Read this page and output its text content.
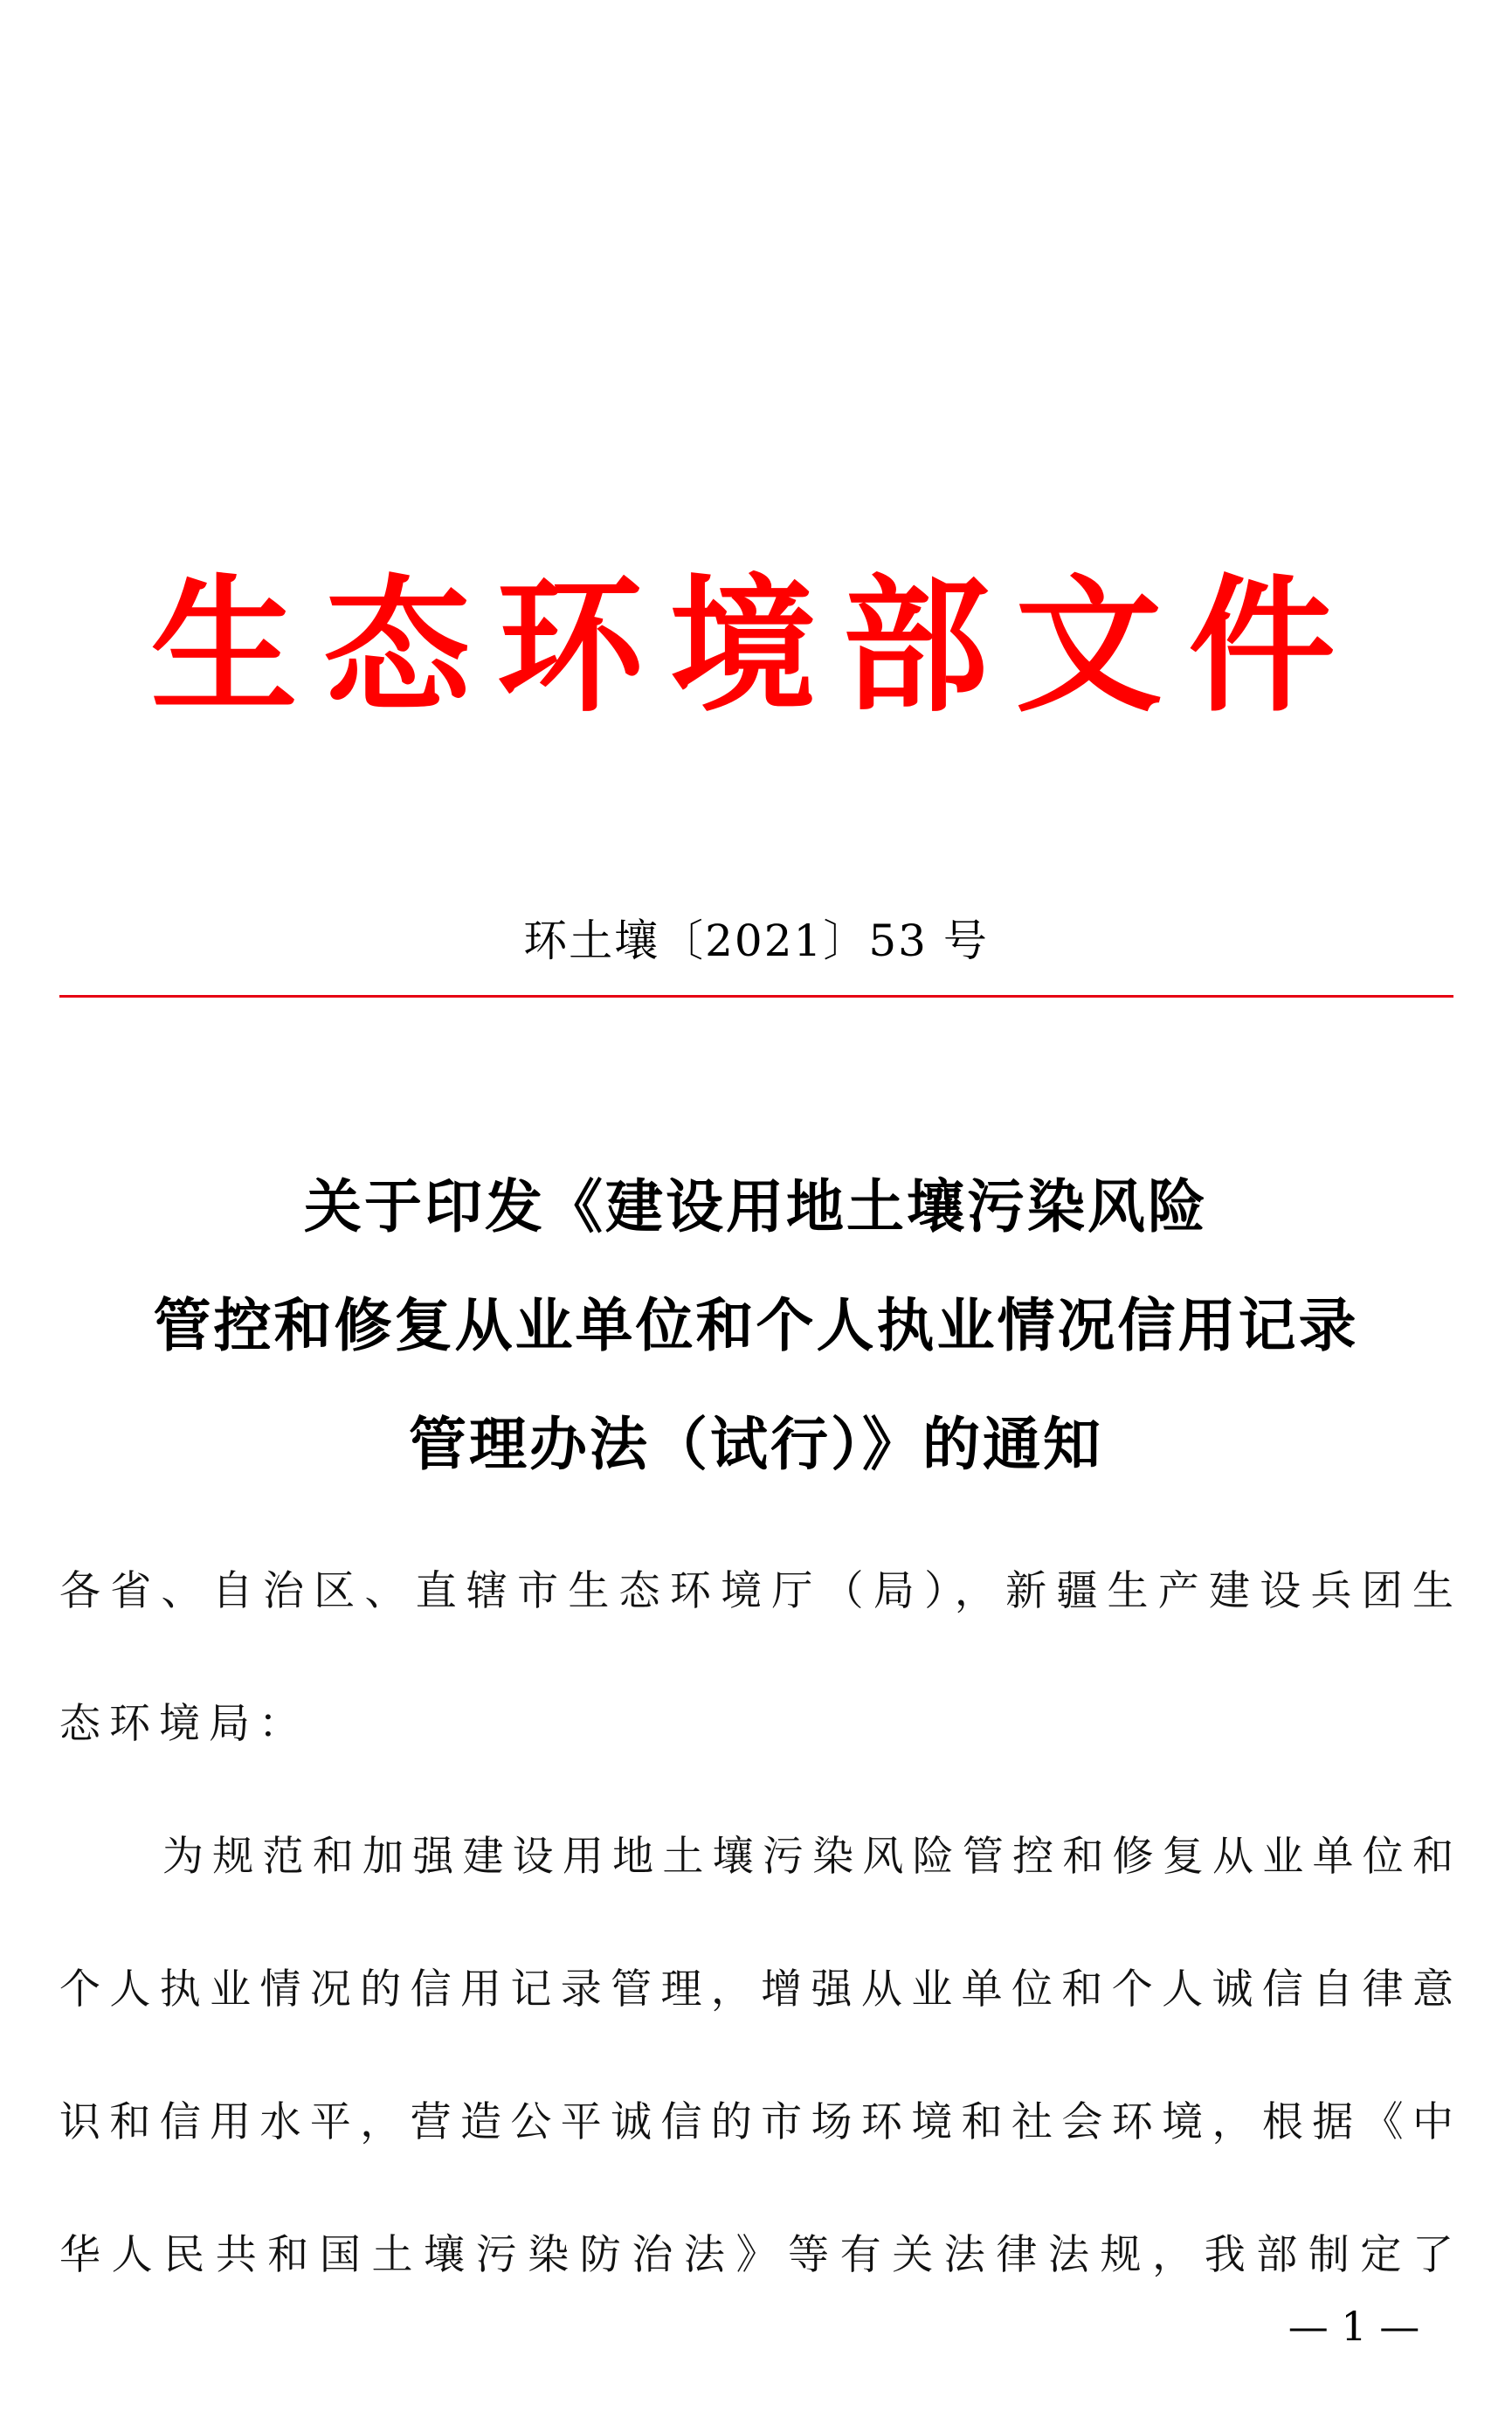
生态环境部文件
环土壤〔2021〕53 号
关于印发《建设用地土壤污染风险
管控和修复从业单位和个人执业情况信用记录
管理办法（试行）》的通知
各省、自治区、直辖市生态环境厅（局），新疆生产建设兵团生
态环境局：
为规范和加强建设用地土壤污染风险管控和修复从业单位和
个人执业情况的信用记录管理，增强从业单位和个人诚信自律意
识和信用水平，营造公平诚信的市场环境和社会环境，根据《中
华人民共和国土壤污染防治法》等有关法律法规，我部制定了
— 1 —
